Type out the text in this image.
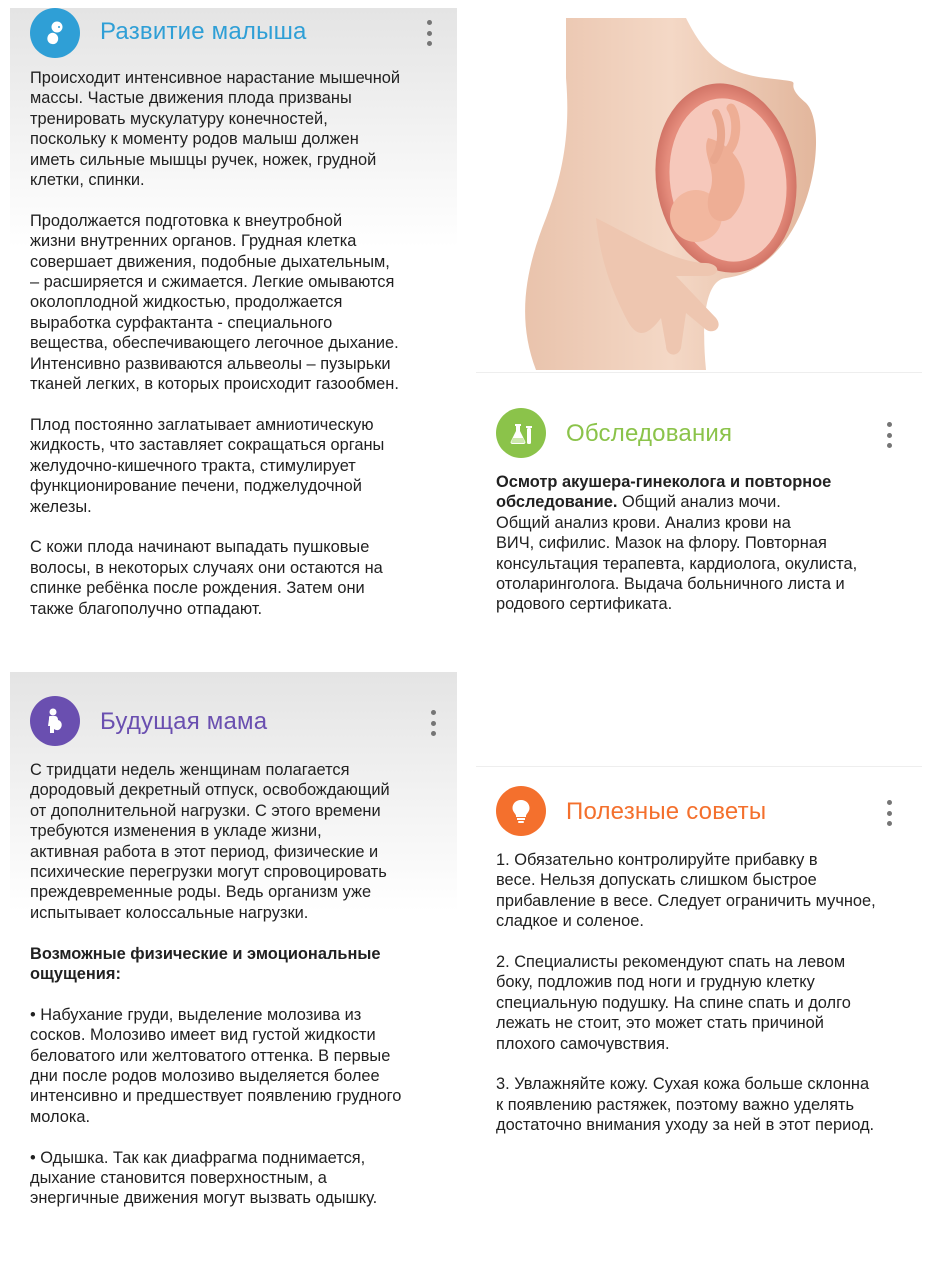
Развитие малыша

Происходит интенсивное нарастание мышечной

массы. Частые движения плода призваны

тренировать мускулатуру конечностей,

поскольку к моменту родов малыш должен

иметь сильные мышцы ручек, ножек, грудной

клетки, спинки.

Продолжается подготовка к внеутробной

жизни внутренних органов. Грудная клетка

совершает движения, подобные дыхательным,

– расширяется и сжимается. Легкие омываются

околоплодной жидкостью, продолжается

выработка сурфактанта - специального

вещества, обеспечивающего легочное дыхание.

Интенсивно развиваются альвеолы – пузырьки

тканей легких, в которых происходит газообмен.

Плод постоянно заглатывает амниотическую

жидкость, что заставляет сокращаться органы

желудочно-кишечного тракта, стимулирует

функционирование печени, поджелудочной

железы.

С кожи плода начинают выпадать пушковые

волосы, в некоторых случаях они остаются на

спинке ребёнка после рождения. Затем они

также благополучно отпадают.

Обследования

Осмотр акушера-гинеколога и повторное

обследование. Общий анализ мочи.

Общий анализ крови. Анализ крови на

ВИЧ, сифилис. Мазок на флору. Повторная

консультация терапевта, кардиолога, окулиста,

отоларинголога. Выдача больничного листа и

родового сертификата.

Будущая мама

С тридцати недель женщинам полагается

дородовый декретный отпуск, освобождающий

от дополнительной нагрузки. С этого времени

требуются изменения в укладе жизни,

активная работа в этот период, физические и

психические перегрузки могут спровоцировать

преждевременные роды. Ведь организм уже

испытывает колоссальные нагрузки.

Возможные физические и эмоциональные

ощущения:

• Набухание груди, выделение молозива из

сосков. Молозиво имеет вид густой жидкости

беловатого или желтоватого оттенка. В первые

дни после родов молозиво выделяется более

интенсивно и предшествует появлению грудного

молока.

• Одышка. Так как диафрагма поднимается,

дыхание становится поверхностным, а

энергичные движения могут вызвать одышку.

Полезные советы

1. Обязательно контролируйте прибавку в

весе. Нельзя допускать слишком быстрое

прибавление в весе. Следует ограничить мучное,

сладкое и соленое.

2. Специалисты рекомендуют спать на левом

боку, подложив под ноги и грудную клетку

специальную подушку. На спине спать и долго

лежать не стоит, это может стать причиной

плохого самочувствия.

3. Увлажняйте кожу. Сухая кожа больше склонна

к появлению растяжек, поэтому важно уделять

достаточно внимания уходу за ней в этот период.
